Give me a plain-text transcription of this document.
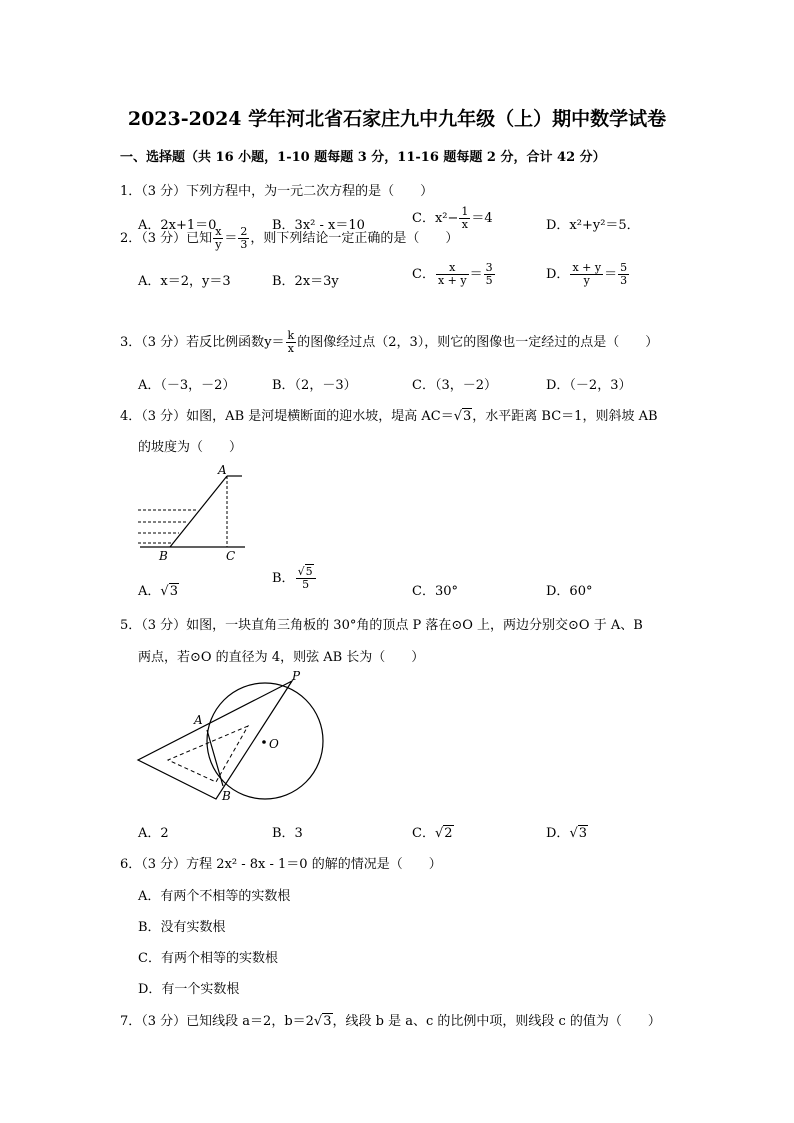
2023-2024 学年河北省石家庄九中九年级（上）期中数学试卷
一、选择题（共 16 小题，1-10 题每题 3 分，11-16 题每题 2 分，合计 42 分）
1．（3 分）下列方程中，为一元二次方程的是（　　）
A．2x+1＝0	B．3x² - x＝10	C．$x^2- \frac{1}{x} =4$	D．x²+y²＝5．
2．（3 分）已知 $\frac{x}{y} = \frac{2}{3}$ ，则下列结论一定正确的是（　　）
A．x＝2，y＝3	B．2x＝3y	C． $\frac{x}{x + y} = \frac{3}{5}$	D． $\frac{x + y}{y} = \frac{5}{3}$
3．（3 分）若反比例函数$y= \frac{k}{x}$ 的图像经过点（2，3），则它的图像也一定经过的点是（　　）
A．（－3，－2）	B．（2，－3）	C．（3，－2）	D．（－2，3）
4．（3 分）如图，AB 是河堤横断面的迎水坡，堤高 AC＝√3，水平距离 BC＝1，则斜坡 AB
的坡度为（　　）
A
B	C
A．√3
B． $\frac{√5}{5}$
C．30°	D．60°
5．（3 分）如图，一块直角三角板的 30°角的顶点 P 落在⊙O 上，两边分别交⊙O 于 A、B
两点，若⊙O 的直径为 4，则弦 AB 长为（　　）
P
A
B
O
A．2	B．3	C．√2	D．√3
6．（3 分）方程 2x² - 8x - 1＝0 的解的情况是（　　）
A．有两个不相等的实数根
B．没有实数根
C．有两个相等的实数根
D．有一个实数根
7．（3 分）已知线段 a＝2，b＝2√3，线段 b 是 a、c 的比例中项，则线段 c 的值为（　　）
